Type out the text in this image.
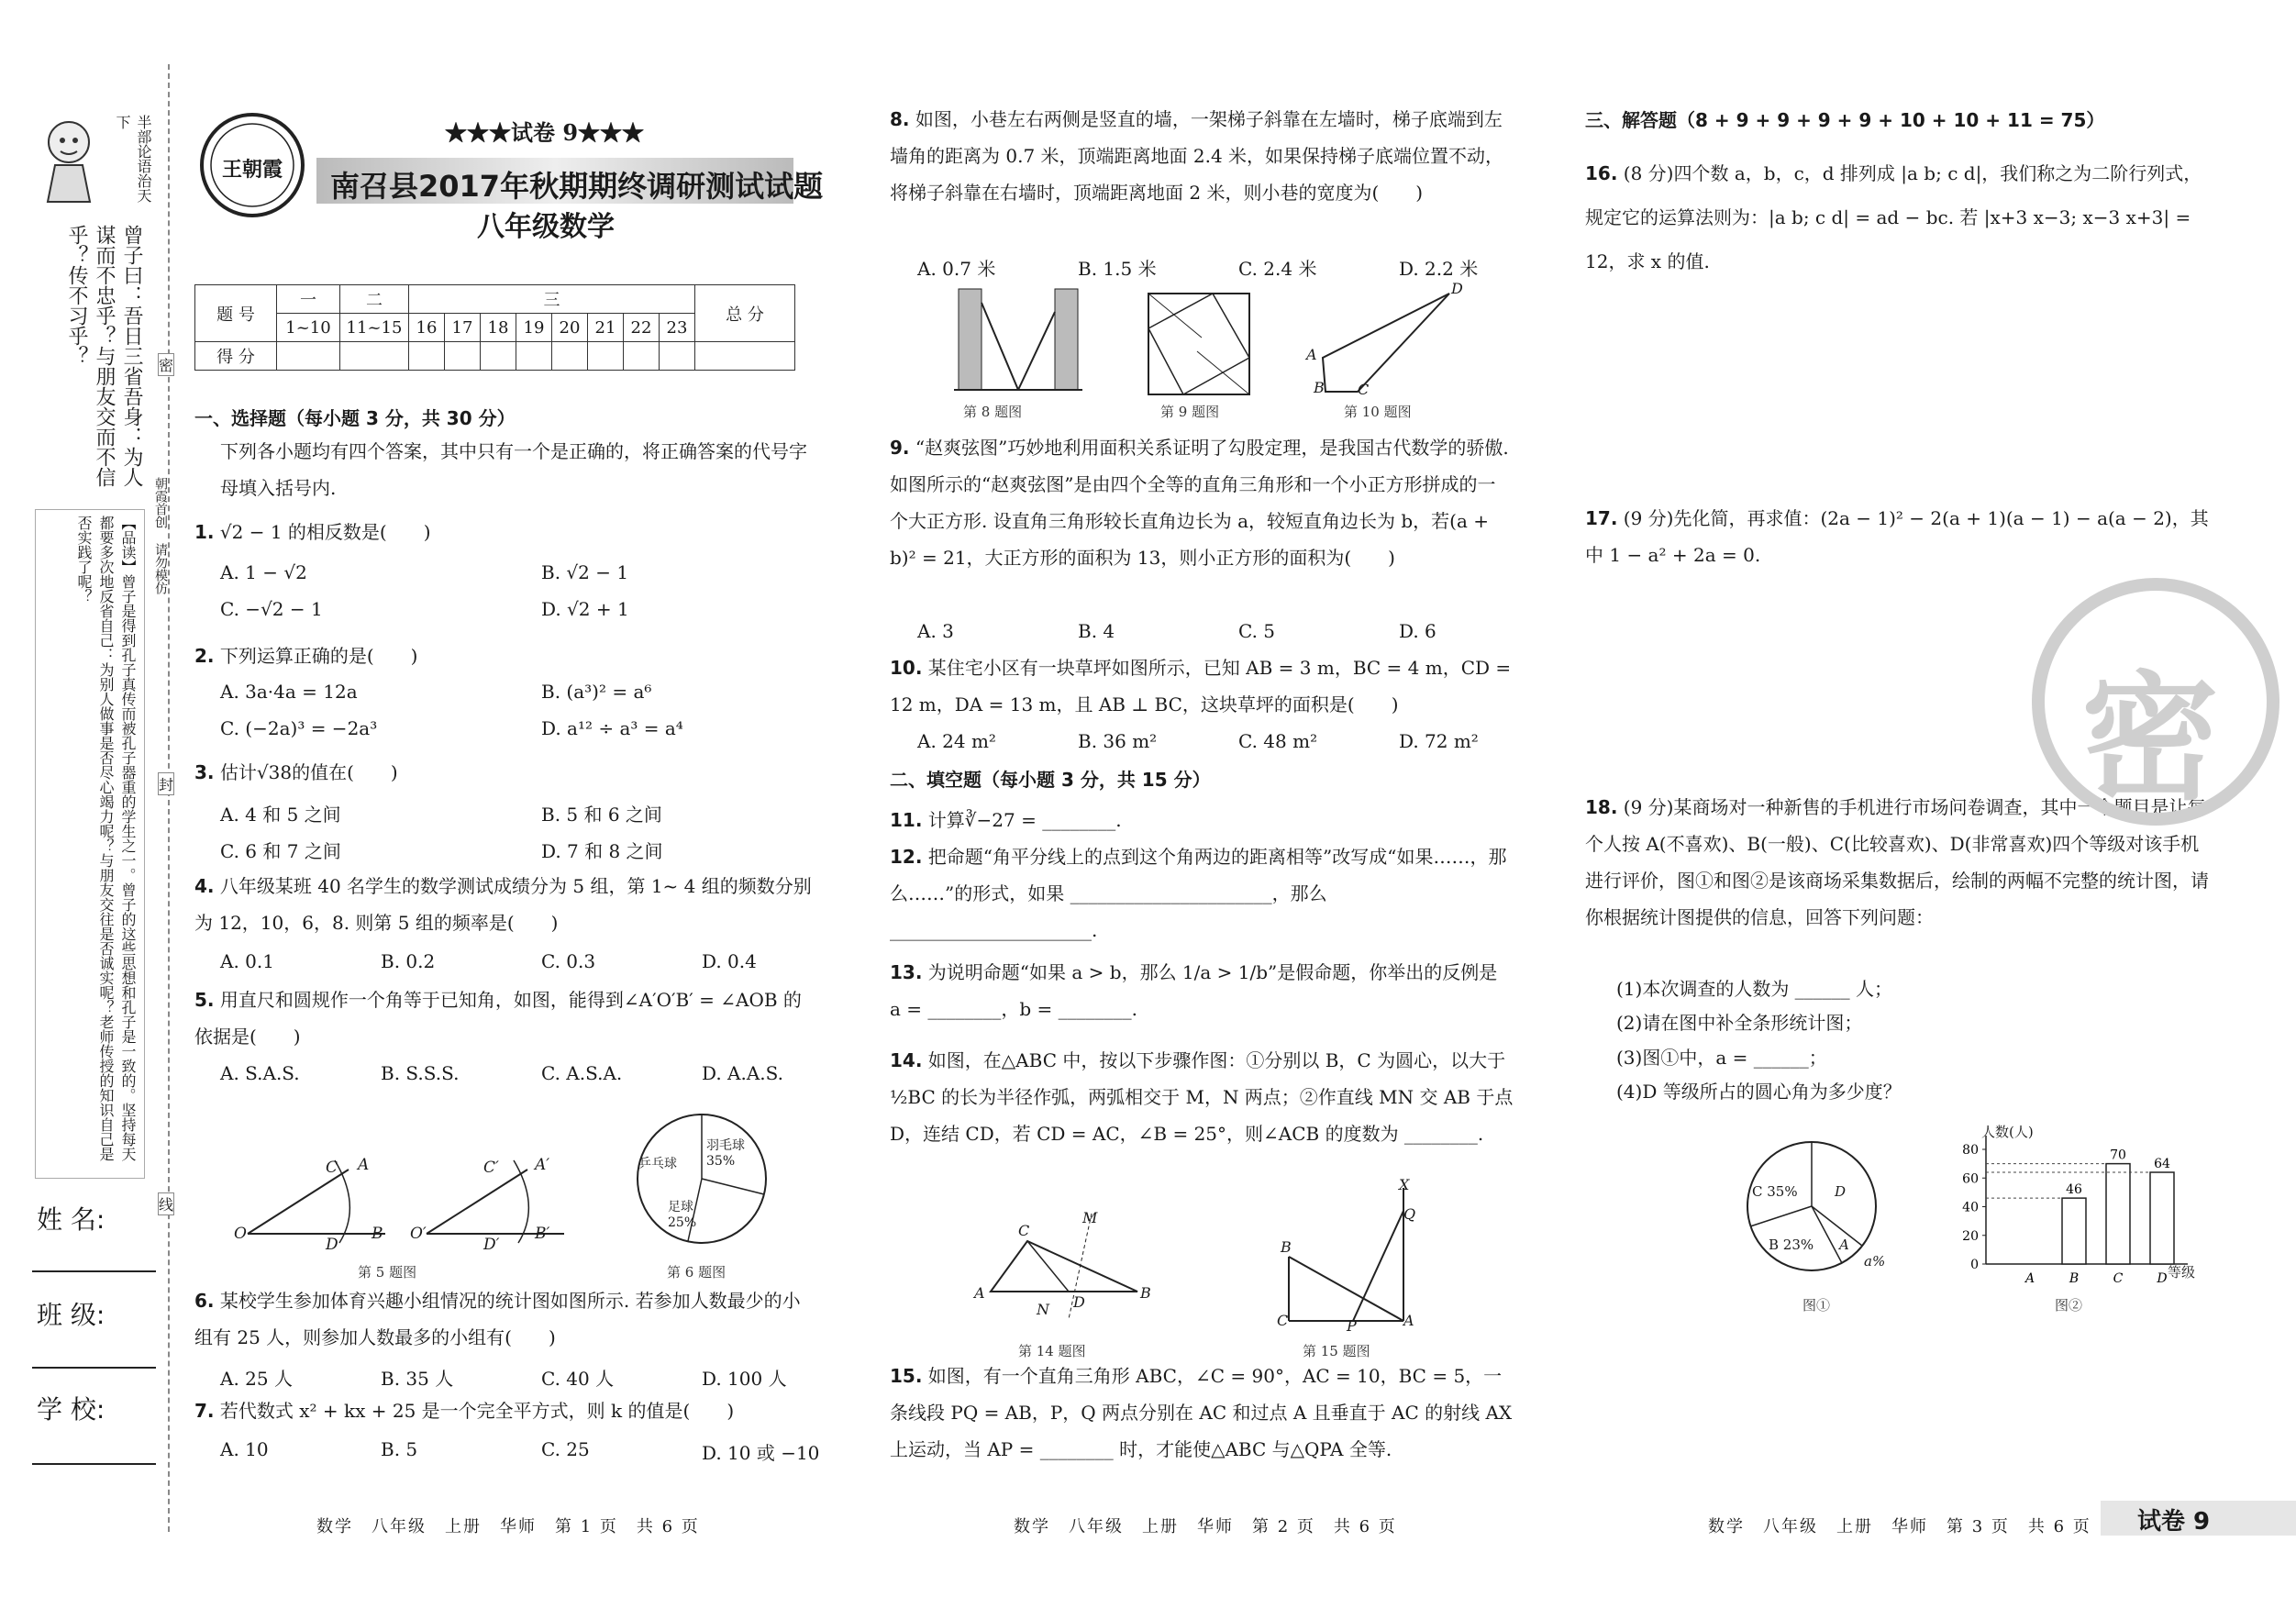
半部论语治天下
曾子曰：吾日三省吾身：为人谋而不忠乎？与朋友交而不信乎？传不习乎？
【品读】曾子是得到孔子真传而被孔子器重的学生之一。曾子的这些思想和孔子是一致的。坚持每天都要多次地反省自己：为别人做事是否尽心竭力呢？与朋友交往是否诚实呢？老师传授的知识自己是否实践了呢？	朝霞首创 请勿模仿
密
封
线
姓 名:
班 级:
学 校:
王朝霞
★★★试卷 9★★★
南召县2017年秋期期终调研测试试题
八年级数学
题 号	一	二	三								总 分
	1~10	11~15	16	17	18	19	20	21	22	23	
得 分											
一、选择题（每小题 3 分，共 30 分）
下列各小题均有四个答案，其中只有一个是正确的，将正确答案的代号字母填入括号内.
1. √2 − 1 的相反数是(　　)
A. 1 − √2	B. √2 − 1
C. −√2 − 1	D. √2 + 1
2. 下列运算正确的是(　　)
A. 3a·4a = 12a	B. (a³)² = a⁶
C. (−2a)³ = −2a³	D. a¹² ÷ a³ = a⁴
3. 估计√38的值在(　　)
A. 4 和 5 之间	B. 5 和 6 之间
C. 6 和 7 之间	D. 7 和 8 之间
4. 八年级某班 40 名学生的数学测试成绩分为 5 组，第 1~ 4 组的频数分别为 12，10，6，8. 则第 5 组的频率是(　　)
A. 0.1	B. 0.2	C. 0.3	D. 0.4
5. 用直尺和圆规作一个角等于已知角，如图，能得到∠A′O′B′ = ∠AOB 的依据是(　　)
A. S.A.S.	B. S.S.S.	C. A.S.A.	D. A.A.S.
C A
O
D
B
C′ A′
O′
D′
B′
第 5 题图
乒乓球
羽毛球 35%
足球 25%
第 6 题图
6. 某校学生参加体育兴趣小组情况的统计图如图所示. 若参加人数最少的小组有 25 人，则参加人数最多的小组有(　　)
A. 25 人	B. 35 人	C. 40 人	D. 100 人
7. 若代数式 x² + kx + 25 是一个完全平方式，则 k 的值是(　　)
A. 10	B. 5	C. 25	D. 10 或 −10
数学　八年级　上册　华师　第 1 页　共 6 页
8. 如图，小巷左右两侧是竖直的墙，一架梯子斜靠在左墙时，梯子底端到左墙角的距离为 0.7 米，顶端距离地面 2.4 米，如果保持梯子底端位置不动，将梯子斜靠在右墙时，顶端距离地面 2 米，则小巷的宽度为(　　)
A. 0.7 米	B. 1.5 米	C. 2.4 米	D. 2.2 米
第 8 题图	第 9 题图
A
B C
D
第 10 题图
9. “赵爽弦图”巧妙地利用面积关系证明了勾股定理，是我国古代数学的骄傲. 如图所示的“赵爽弦图”是由四个全等的直角三角形和一个小正方形拼成的一个大正方形. 设直角三角形较长直角边长为 a，较短直角边长为 b，若(a + b)² = 21，大正方形的面积为 13，则小正方形的面积为(　　)
A. 3	B. 4	C. 5	D. 6
10. 某住宅小区有一块草坪如图所示，已知 AB = 3 m，BC = 4 m，CD = 12 m，DA = 13 m，且 AB ⊥ BC，这块草坪的面积是(　　)
A. 24 m²	B. 36 m²	C. 48 m²	D. 72 m²
二、填空题（每小题 3 分，共 15 分）
11. 计算∛−27 = ________.
12. 把命题“角平分线上的点到这个角两边的距离相等”改写成“如果……，那么……”的形式，如果 ______________________，那么 ______________________.
13. 为说明命题“如果 a > b，那么 1/a > 1/b”是假命题，你举出的反例是 a = ________，b = ________.
14. 如图，在△ABC 中，按以下步骤作图：①分别以 B，C 为圆心，以大于 ½BC 的长为半径作弧，两弧相交于 M，N 两点；②作直线 MN 交 AB 于点 D，连结 CD，若 CD = AC，∠B = 25°，则∠ACB 的度数为 ________.
A
C
M
N D
B
第 14 题图
X
Q
B
C	P	A
第 15 题图
15. 如图，有一个直角三角形 ABC，∠C = 90°，AC = 10，BC = 5，一条线段 PQ = AB，P，Q 两点分别在 AC 和过点 A 且垂直于 AC 的射线 AX 上运动，当 AP = ________ 时，才能使△ABC 与△QPA 全等.
数学　八年级　上册　华师　第 2 页　共 6 页
三、解答题（8 + 9 + 9 + 9 + 9 + 10 + 10 + 11 = 75）
16. (8 分)四个数 a，b，c，d 排列成 |a b; c d|，我们称之为二阶行列式，规定它的运算法则为：|a b; c d| = ad − bc. 若 |x+3 x−3; x−3 x+3| = 12，求 x 的值.
17. (9 分)先化简，再求值：(2a − 1)² − 2(a + 1)(a − 1) − a(a − 2)，其中 1 − a² + 2a = 0.
18. (9 分)某商场对一种新售的手机进行市场问卷调查，其中一个题目是让每个人按 A(不喜欢)、B(一般)、C(比较喜欢)、D(非常喜欢)四个等级对该手机进行评价，图①和图②是该商场采集数据后，绘制的两幅不完整的统计图，请你根据统计图提供的信息，回答下列问题：
(1)本次调查的人数为 ______ 人；
(2)请在图中补全条形统计图；
(3)图①中，a = ______；
(4)D 等级所占的圆心角为多少度？
C 35%	D
B 23% A
a%
图①
0
20
40
60
80
A	B
46
C
70
D
64
人数(人)
等级
图②
密
数学　八年级　上册　华师　第 3 页　共 6 页 试卷 9
